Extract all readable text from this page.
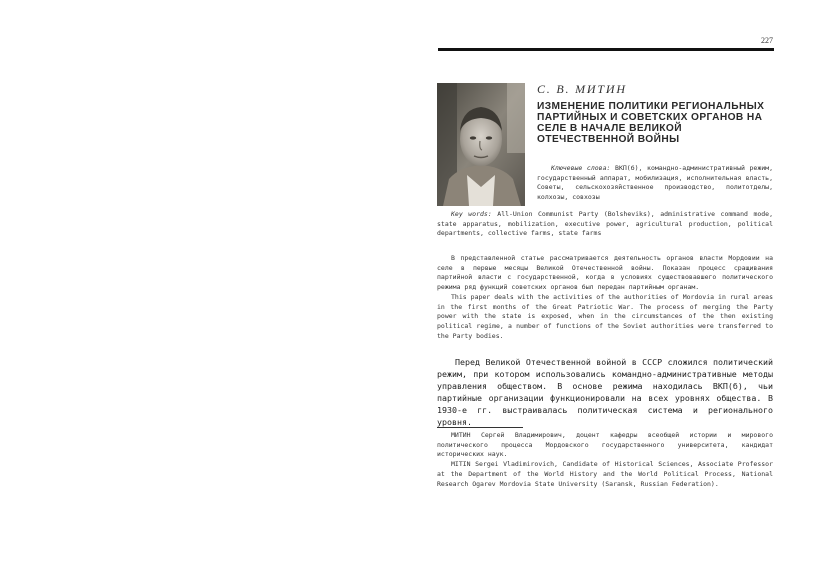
227
С. В. МИТИН
ИЗМЕНЕНИЕ ПОЛИТИКИ РЕГИОНАЛЬНЫХ ПАРТИЙНЫХ И СОВЕТСКИХ ОРГАНОВ НА СЕЛЕ В НАЧАЛЕ ВЕЛИКОЙ ОТЕЧЕСТВЕННОЙ ВОЙНЫ

Ключевые слова: ВКП(б), командно-административный режим, государственный аппарат, мобилизация, исполнительная власть, Советы, сельскохозяйственное производство, политотделы, колхозы, совхозы

Key words: All-Union Communist Party (Bolsheviks), administrative command mode, state apparatus, mobilization, executive power, agricultural production, political departments, collective farms, state farms

В представленной статье рассматривается деятельность органов власти Мордовии на селе в первые месяцы Великой Отечественной войны. Показан процесс сращивания партийной власти с государственной, когда в условиях существовавшего политического режима ряд функций советских органов был передан партийным органам.

This paper deals with the activities of the authorities of Mordovia in rural areas in the first months of the Great Patriotic War. The process of merging the Party power with the state is exposed, when in the circumstances of the then existing political regime, a number of functions of the Soviet authorities were transferred to the Party bodies.

Перед Великой Отечественной войной в СССР сложился политический режим, при котором использовались командно-административные методы управления обществом. В основе режима находилась ВКП(б), чьи партийные организации функционировали на всех уровнях общества. В 1930-е гг. выстраивалась политическая система и регионального уровня.

МИТИН Сергей Владимирович, доцент кафедры всеобщей истории и мирового политического процесса Мордовского государственного университета, кандидат исторических наук.

MITIN Sergei Vladimirovich, Candidate of Historical Sciences, Associate Professor at the Department of the World History and the World Political Process, National Research Ogarev Mordovia State University (Saransk, Russian Federation).
